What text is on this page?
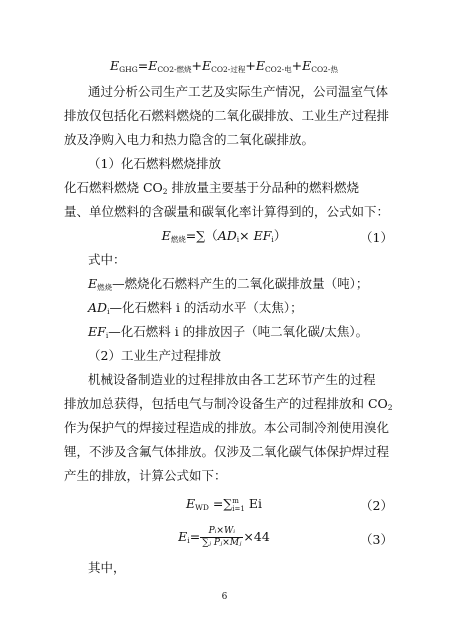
$E_{GHG}=E_{CO2-燃烧}+E_{CO2-过程}+E_{CO2-电}+E_{CO2-热}$
通过分析公司生产工艺及实际生产情况，公司温室气体
排放仅包括化石燃料燃烧的二氧化碳排放、工业生产过程排
放及净购入电力和热力隐含的二氧化碳排放。
（1）化石燃料燃烧排放
化石燃料燃烧 $CO_2$ 排放量主要基于分品种的燃料燃烧
量、单位燃料的含碳量和碳氧化率计算得到的，公式如下：
$E_{燃烧}=\sum(AD_i\times EF_i)$	（1）
式中：
$E_{燃烧}—$燃烧化石燃料产生的二氧化碳排放量（吨）；
$AD_i—$化石燃料 i 的活动水平（太焦）；
$EF_i—$化石燃料 i 的排放因子（吨二氧化碳/太焦）。
（2）工业生产过程排放
机械设备制造业的过程排放由各工艺环节产生的过程
排放加总获得，包括电气与制冷设备生产的过程排放和 $CO_2$
作为保护气的焊接过程造成的排放。本公司制冷剂使用溴化
锂，不涉及含氟气体排放。仅涉及二氧化碳气体保护焊过程
产生的排放，计算公式如下：
$E_{WD}$ =∑ m
i=1 Ei	（2）
$E_i= \frac{\text{Pᵢ×Wᵢ}}{\text{∑ⱼ Pⱼ×Mⱼ}} \times 44$	（3）
其中，
6
